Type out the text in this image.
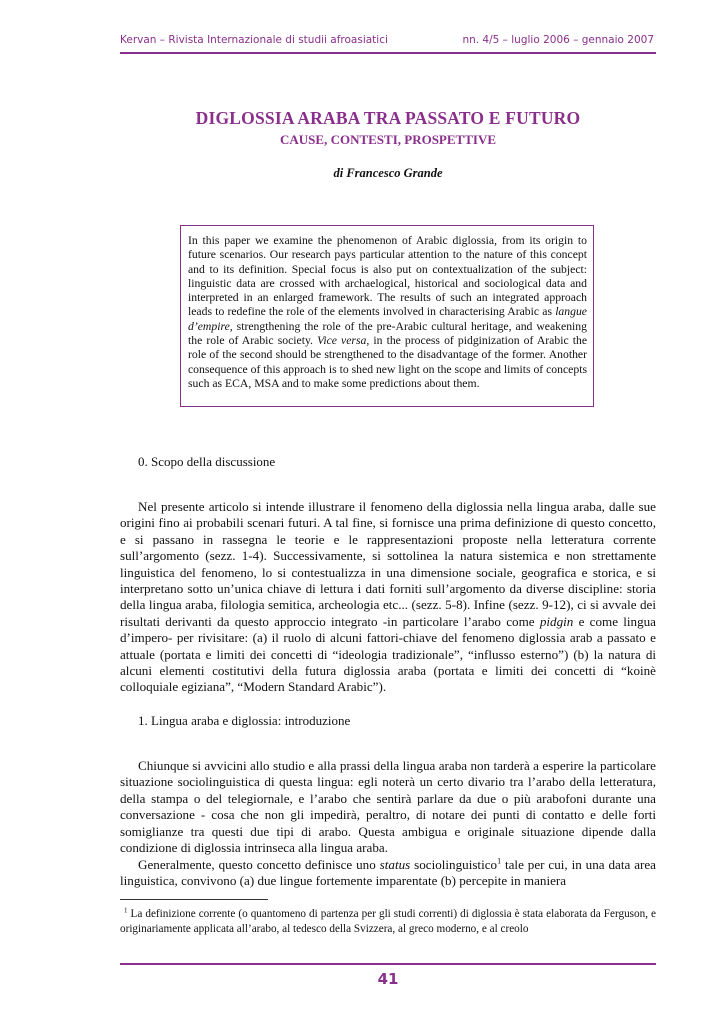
Kervan – Rivista Internazionale di studii afroasiatici	nn. 4/5 – luglio 2006 – gennaio 2007
DIGLOSSIA ARABA TRA PASSATO E FUTURO
CAUSE, CONTESTI, PROSPETTIVE
di Francesco Grande

In this paper we examine the phenomenon of Arabic diglossia, from its origin to future scenarios. Our research pays particular attention to the nature of this concept and to its definition. Special focus is also put on contextualization of the subject: linguistic data are crossed with archaelogical, historical and sociological data and interpreted in an enlarged framework. The results of such an integrated approach leads to redefine the role of the elements involved in characterising Arabic as langue d’empire, strengthening the role of the pre-Arabic cultural heritage, and weakening the role of Arabic society. Vice versa, in the process of pidginization of Arabic the role of the second should be strengthened to the disadvantage of the former. Another consequence of this approach is to shed new light on the scope and limits of concepts such as ECA, MSA and to make some predictions about them.

0. Scopo della discussione

Nel presente articolo si intende illustrare il fenomeno della diglossia nella lingua araba, dalle sue origini fino ai probabili scenari futuri. A tal fine, si fornisce una prima definizione di questo concetto, e si passano in rassegna le teorie e le rappresentazioni proposte nella letteratura corrente sull’argomento (sezz. 1-4). Successivamente, si sottolinea la natura sistemica e non strettamente linguistica del fenomeno, lo si contestualizza in una dimensione sociale, geografica e storica, e si interpretano sotto un’unica chiave di lettura i dati forniti sull’argomento da diverse discipline: storia della lingua araba, filologia semitica, archeologia etc... (sezz. 5-8). Infine (sezz. 9-12), ci si avvale dei risultati derivanti da questo approccio integrato -in particolare l’arabo come pidgin e come lingua d’impero- per rivisitare: (a) il ruolo di alcuni fattori-chiave del fenomeno diglossia arab a passato e attuale (portata e limiti dei concetti di “ideologia tradizionale”, “influsso esterno”) (b) la natura di alcuni elementi costitutivi della futura diglossia araba (portata e limiti dei concetti di “koinè colloquiale egiziana”, “Modern Standard Arabic”).

1. Lingua araba e diglossia: introduzione

Chiunque si avvicini allo studio e alla prassi della lingua araba non tarderà a esperire la particolare situazione sociolinguistica di questa lingua: egli noterà un certo divario tra l’arabo della letteratura, della stampa o del telegiornale, e l’arabo che sentirà parlare da due o più arabofoni durante una conversazione - cosa che non gli impedirà, peraltro, di notare dei punti di contatto e delle forti somiglianze tra questi due tipi di arabo. Questa ambigua e originale situazione dipende dalla condizione di diglossia intrinseca alla lingua araba.

Generalmente, questo concetto definisce uno status sociolinguistico$^1$ tale per cui, in una data area linguistica, convivono (a) due lingue fortemente imparentate (b) percepite in maniera

$^1$ La definizione corrente (o quantomeno di partenza per gli studi correnti) di diglossia è stata elaborata da Ferguson, e originariamente applicata all’arabo, al tedesco della Svizzera, al greco moderno, e al creolo

41
